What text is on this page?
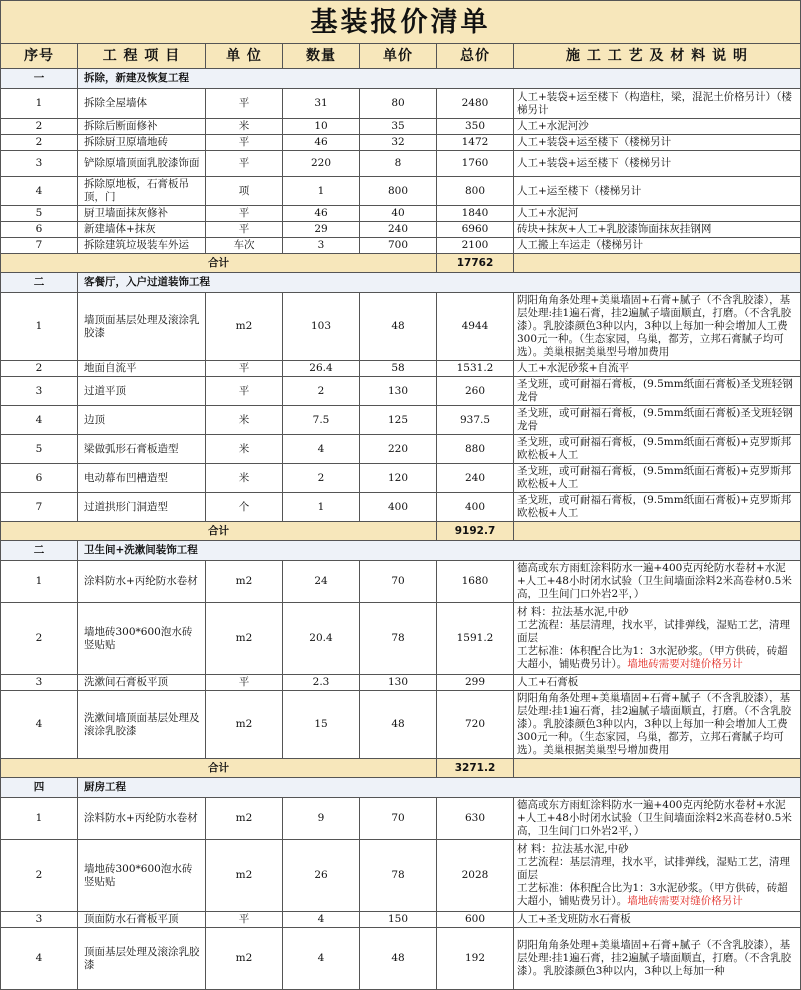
基装报价清单						
序号	工 程 项 目	单 位	数量	单价	总价	施 工 工 艺 及 材 料 说 明
一	拆除，新建及恢复工程					
1	拆除全屋墙体	平	31	80	2480	人工+装袋+运至楼下（构造柱，梁，混泥土价格另计）（楼梯另计
2	拆除后断面修补	米	10	35	350	人工+水泥河沙
2	拆除厨卫原墙地砖	平	46	32	1472	人工+装袋+运至楼下（楼梯另计
3	铲除原墙顶面乳胶漆饰面	平	220	8	1760	人工+装袋+运至楼下（楼梯另计
4	拆除原地板，石膏板吊顶，门	项	1	800	800	人工+运至楼下（楼梯另计
5	厨卫墙面抹灰修补	平	46	40	1840	人工+水泥河
6	新建墙体+抹灰	平	29	240	6960	砖块+抹灰+人工+乳胶漆饰面抹灰挂钢网
7	拆除建筑垃圾装车外运	车次	3	700	2100	人工搬上车运走（楼梯另计
合计					17762	
二	客餐厅，入户过道装饰工程					
1	墙顶面基层处理及滚涂乳胶漆	m2	103	48	4944	阴阳角角条处理+美巢墙固+石膏+腻子（不含乳胶漆），基层处理:挂1遍石膏，挂2遍腻子墙面顺直，打磨。（不含乳胶漆）。乳胶漆颜色3种以内，3种以上每加一种会增加人工费300元一种。（生态家园，乌巢，都芳，立邦石膏腻子均可选）。美巢根据美巢型号增加费用
2	地面自流平	平	26.4	58	1531.2	人工+水泥砂浆+自流平
3	过道平顶	平	2	130	260	圣戈班，或可耐福石膏板，(9.5mm纸面石膏板)圣戈班轻钢龙骨
4	边顶	米	7.5	125	937.5	圣戈班，或可耐福石膏板，(9.5mm纸面石膏板)圣戈班轻钢龙骨
5	梁做弧形石膏板造型	米	4	220	880	圣戈班，或可耐福石膏板，(9.5mm纸面石膏板)+克罗斯邦欧松板+人工
6	电动幕布凹槽造型	米	2	120	240	圣戈班，或可耐福石膏板，(9.5mm纸面石膏板)+克罗斯邦欧松板+人工
7	过道拱形门洞造型	个	1	400	400	圣戈班，或可耐福石膏板，(9.5mm纸面石膏板)+克罗斯邦欧松板+人工
合计					9192.7	
二	卫生间+洗漱间装饰工程					
1	涂料防水+丙纶防水卷材	m2	24	70	1680	德高或东方雨虹涂料防水一遍+400克丙纶防水卷材+水泥+人工+48小时闭水试验（卫生间墙面涂料2米高卷材0.5米高，卫生间门口外岩2平，）
2	墙地砖300*600泡水砖竖贴贴	m2	20.4	78	1591.2	材 料：拉法基水泥,中砂
工艺流程：基层清理，找水平，试排弹线，湿贴工艺，清理面层
工艺标准：体积配合比为1：3水泥砂浆。（甲方供砖，砖超大超小，铺贴费另计）。墙地砖需要对缝价格另计
3	洗漱间石膏板平顶	平	2.3	130	299	人工+石膏板
4	洗漱间墙顶面基层处理及滚涂乳胶漆	m2	15	48	720	阴阳角角条处理+美巢墙固+石膏+腻子（不含乳胶漆），基层处理:挂1遍石膏，挂2遍腻子墙面顺直，打磨。（不含乳胶漆）。乳胶漆颜色3种以内，3种以上每加一种会增加人工费300元一种。（生态家园，乌巢，都芳，立邦石膏腻子均可选）。美巢根据美巢型号增加费用
合计					3271.2	
四	厨房工程					
1	涂料防水+丙纶防水卷材	m2	9	70	630	德高或东方雨虹涂料防水一遍+400克丙纶防水卷材+水泥+人工+48小时闭水试验（卫生间墙面涂料2米高卷材0.5米高，卫生间门口外岩2平，）
2	墙地砖300*600泡水砖竖贴贴	m2	26	78	2028	材 料：拉法基水泥,中砂
工艺流程：基层清理，找水平，试排弹线，湿贴工艺，清理面层
工艺标准：体积配合比为1：3水泥砂浆。（甲方供砖，砖超大超小，铺贴费另计）。墙地砖需要对缝价格另计
3	顶面防水石膏板平顶	平	4	150	600	人工+圣戈班防水石膏板
4	顶面基层处理及滚涂乳胶漆	m2	4	48	192	阴阳角角条处理+美巢墙固+石膏+腻子（不含乳胶漆），基层处理:挂1遍石膏，挂2遍腻子墙面顺直，打磨。（不含乳胶漆）。乳胶漆颜色3种以内，3种以上每加一种
